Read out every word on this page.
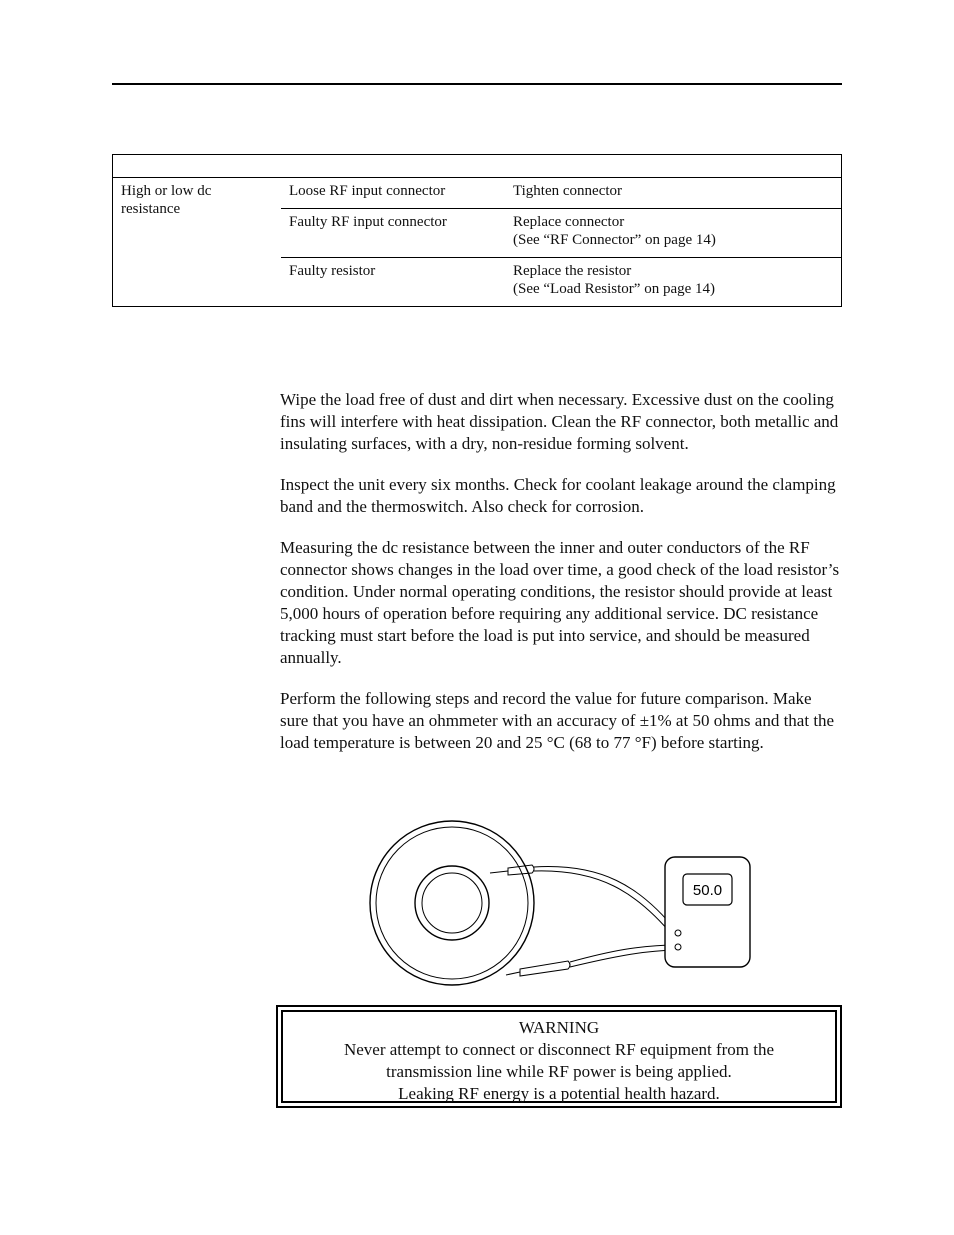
High or low dc resistance	Loose RF input connector	Tighten connector

	Faulty RF input connector	Replace connector
(See “RF Connector” on page 14)

	Faulty resistor	Replace the resistor
(See “Load Resistor” on page 14)

Wipe the load free of dust and dirt when necessary. Excessive dust on the cooling fins will interfere with heat dissipation. Clean the RF connector, both metallic and insulating surfaces, with a dry, non-residue forming solvent.

Inspect the unit every six months. Check for coolant leakage around the clamping band and the thermoswitch. Also check for corrosion.

Measuring the dc resistance between the inner and outer conductors of the RF connector shows changes in the load over time, a good check of the load resistor’s condition. Under normal operating conditions, the resistor should provide at least 5,000 hours of operation before requiring any additional service. DC resistance tracking must start before the load is put into service, and should be measured annually.

Perform the following steps and record the value for future comparison. Make sure that you have an ohmmeter with an accuracy of ±1% at 50 ohms and that the load temperature is between 20 and 25 °C (68 to 77 °F) before starting.

50.0
WARNING
Never attempt to connect or disconnect RF equipment from the
transmission line while RF power is being applied.
Leaking RF energy is a potential health hazard.
